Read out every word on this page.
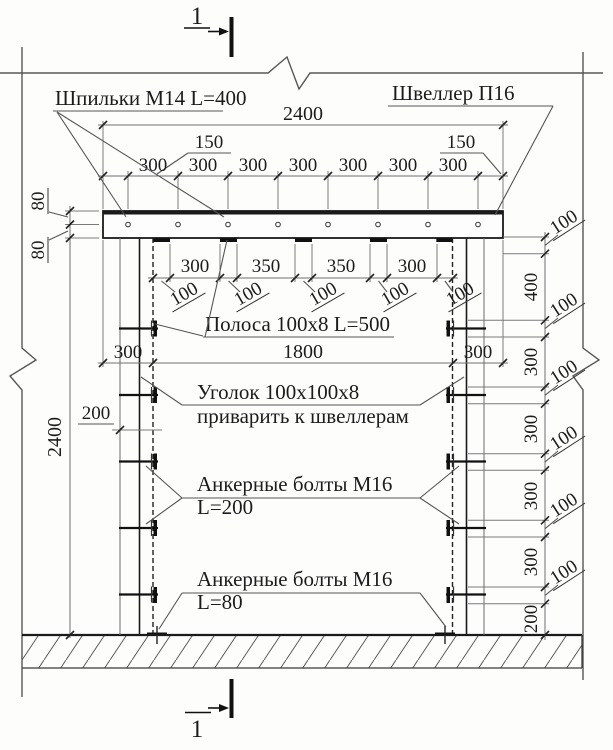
2400
150	150
300 300 300 300 300 300 300
300 350 350 300
100 100 100 100 100
300	1800	300
80
80
2400
200
400
300
300
300
300
200
100
100
100
100
100
100
Шпильки М14 L=400	Швеллер П16
Полоса 100х8 L=500
Уголок 100х100х8
приварить к швеллерам
Анкерные болты М16
L=200
Анкерные болты М16
L=80
1
1
